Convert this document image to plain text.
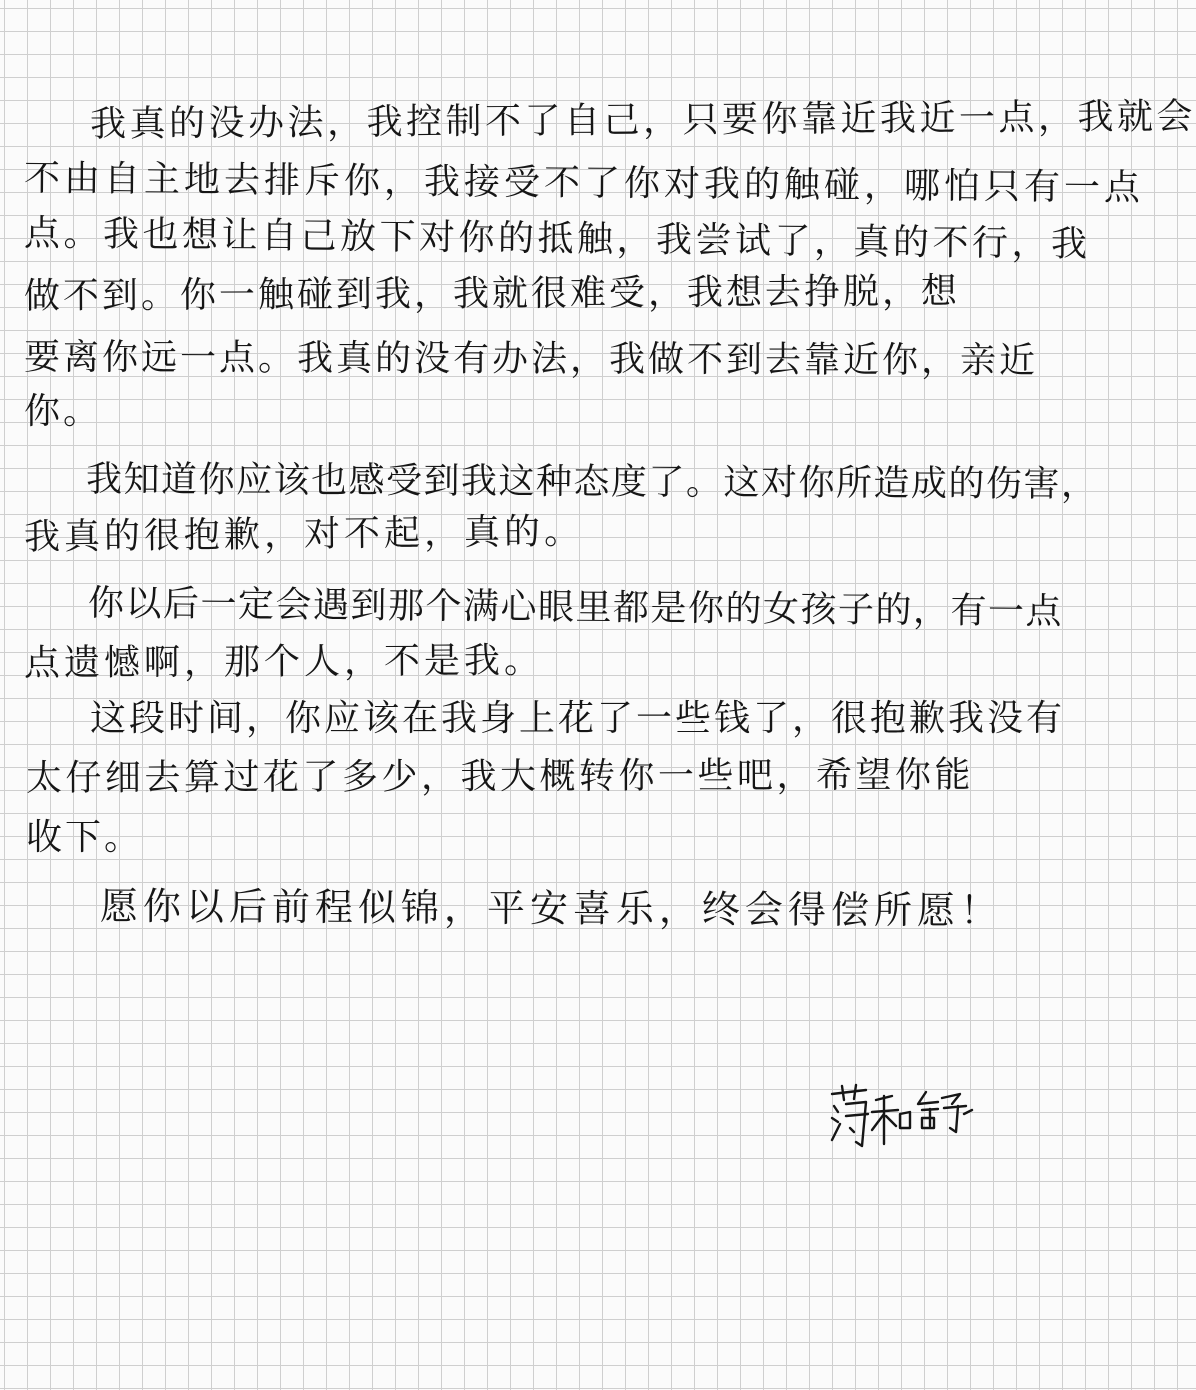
我真的没办法，我控制不了自己，只要你靠近我近一点，我就会
不由自主地去排斥你，我接受不了你对我的触碰，哪怕只有一点
点。我也想让自己放下对你的抵触，我尝试了，真的不行，我
做不到。你一触碰到我，我就很难受，我想去挣脱，想
要离你远一点。我真的没有办法，我做不到去靠近你，亲近
你。
我知道你应该也感受到我这种态度了。这对你所造成的伤害，
我真的很抱歉，对不起，真的。
你以后一定会遇到那个满心眼里都是你的女孩子的，有一点
点遗憾啊，那个人，不是我。
这段时间，你应该在我身上花了一些钱了，很抱歉我没有
太仔细去算过花了多少，我大概转你一些吧，希望你能
收下。
愿你以后前程似锦，平安喜乐，终会得偿所愿！
